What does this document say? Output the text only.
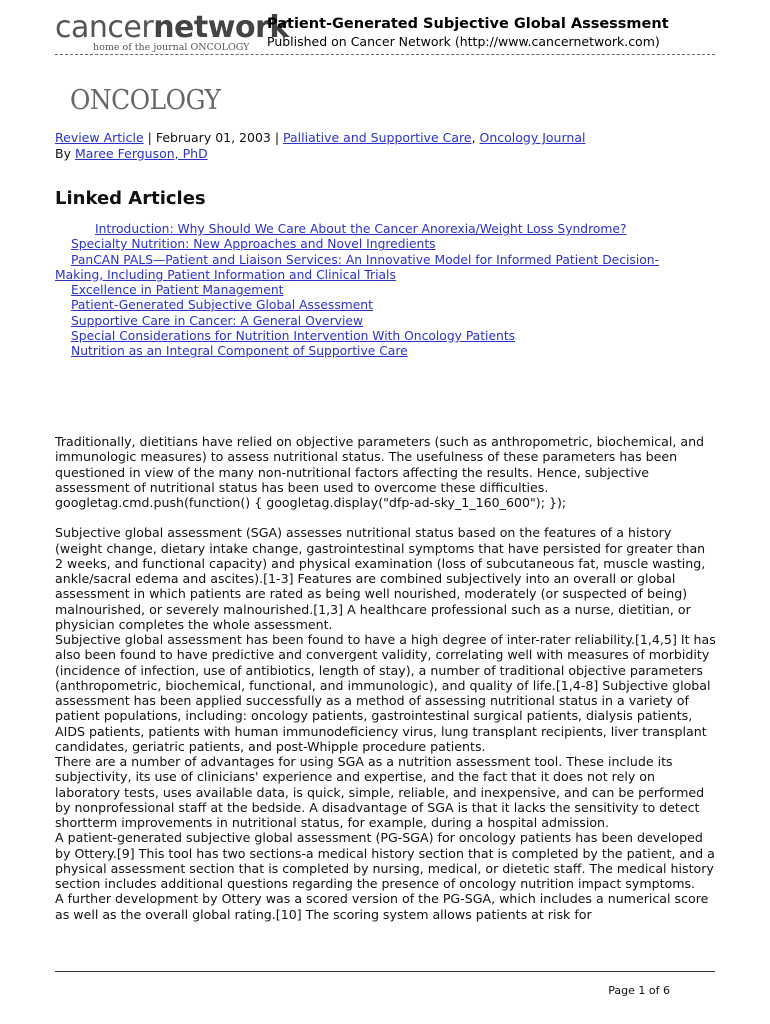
cancernetwork
home of the journal ONCOLOGY
Patient-Generated Subjective Global Assessment
Published on Cancer Network (http://www.cancernetwork.com)
ONCOLOGY
Review Article | February 01, 2003 | Palliative and Supportive Care, Oncology Journal
By Maree Ferguson, PhD
Linked Articles
Introduction: Why Should We Care About the Cancer Anorexia/Weight Loss Syndrome?
Specialty Nutrition: New Approaches and Novel Ingredients
PanCAN PALS—Patient and Liaison Services: An Innovative Model for Informed Patient Decision-Making, Including Patient Information and Clinical Trials
Excellence in Patient Management
Patient-Generated Subjective Global Assessment
Supportive Care in Cancer: A General Overview
Special Considerations for Nutrition Intervention With Oncology Patients
Nutrition as an Integral Component of Supportive Care

Traditionally, dietitians have relied on objective parameters (such as anthropometric, biochemical, and immunologic measures) to assess nutritional status. The usefulness of these parameters has been questioned in view of the many non-nutritional factors affecting the results. Hence, subjective assessment of nutritional status has been used to overcome these difficulties.

googletag.cmd.push(function() { googletag.display("dfp-ad-sky_1_160_600"); });

Subjective global assessment (SGA) assesses nutritional status based on the features of a history (weight change, dietary intake change, gastrointestinal symptoms that have persisted for greater than 2 weeks, and functional capacity) and physical examination (loss of subcutaneous fat, muscle wasting, ankle/sacral edema and ascites).[1-3] Features are combined subjectively into an overall or global assessment in which patients are rated as being well nourished, moderately (or suspected of being) malnourished, or severely malnourished.[1,3] A healthcare professional such as a nurse, dietitian, or physician completes the whole assessment.

Subjective global assessment has been found to have a high degree of inter-rater reliability.[1,4,5] It has also been found to have predictive and convergent validity, correlating well with measures of morbidity (incidence of infection, use of antibiotics, length of stay), a number of traditional objective parameters (anthropometric, biochemical, functional, and immunologic), and quality of life.[1,4-8] Subjective global assessment has been applied successfully as a method of assessing nutritional status in a variety of patient populations, including: oncology patients, gastrointestinal surgical patients, dialysis patients, AIDS patients, patients with human immunodeficiency virus, lung transplant recipients, liver transplant candidates, geriatric patients, and post-Whipple procedure patients.

There are a number of advantages for using SGA as a nutrition assessment tool. These include its subjectivity, its use of clinicians' experience and expertise, and the fact that it does not rely on laboratory tests, uses available data, is quick, simple, reliable, and inexpensive, and can be performed by nonprofessional staff at the bedside. A disadvantage of SGA is that it lacks the sensitivity to detect shortterm improvements in nutritional status, for example, during a hospital admission.

A patient-generated subjective global assessment (PG-SGA) for oncology patients has been developed by Ottery.[9] This tool has two sections-a medical history section that is completed by the patient, and a physical assessment section that is completed by nursing, medical, or dietetic staff. The medical history section includes additional questions regarding the presence of oncology nutrition impact symptoms.

A further development by Ottery was a scored version of the PG-SGA, which includes a numerical score as well as the overall global rating.[10] The scoring system allows patients at risk for

Page 1 of 6
